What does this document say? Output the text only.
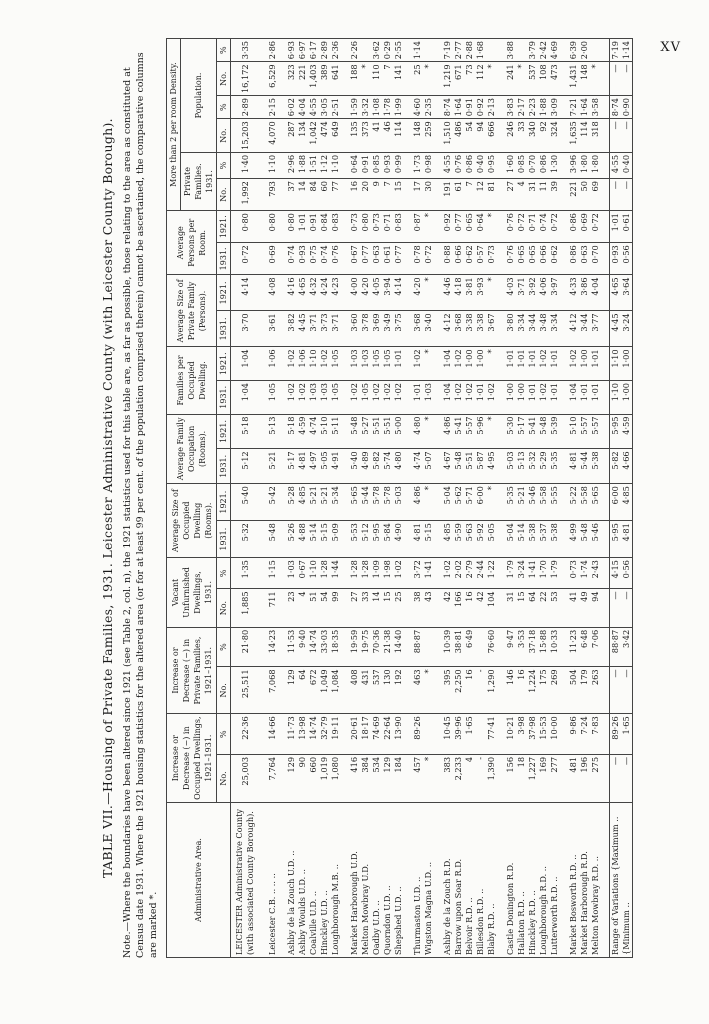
XV
TABLE VII.—Housing of Private Families, 1931. Leicester Administrative County (with Leicester County Borough). Note.—Where the boundaries have been altered since 1921 (see Table 2, col. n), the 1921 statistics used for this table are, as far as possible, those relating to the area as constituted at Census date 1931. Where the 1921 housing statistics for the altered area (or for at least 99 per cent. of the population comprised therein) cannot be ascertained, the comparative columns are marked *.
Administrative Area.	Increase or Decrease (−) in Occupied Dwellings, 1921–1931.		Increase or Decrease (−) in Private Families, 1921–1931.		Vacant Unfurnished Dwellings, 1931.		Average Size of Occupied Dwelling (Rooms).		Average Family Occupation (Rooms).		Families per Occupied Dwelling.		Average Size of Private Family (Persons).		Average Persons per Room.		More than 2 per room Density.					
																	Private Families. 1931.		Population.			
	No.	%	No.	%	No.	%	1931.	1921.	1931.	1921.	1931.	1921.	1931.	1921.	1931.	1921.	No.	%	No.	%	No.	%
LEICESTER Administrative County (with associated County Borough).	25,003	22·36	25,511	21·80	1,885	1·35	5·32	5·40	5·12	5·18	1·04	1·04	3·70	4·14	0·72	0·80	1,992	1·40	15,203	2·89	16,172	3·35

Leicester C.B. .. .. ..	7,764	14·66	7,068	14·23	711	1·15	5·48	5·42	5·21	5·13	1·05	1·06	3·61	4·08	0·69	0·80	793	1·10	4,070	2·15	6,529	2·86

Ashby de la Zouch U.D. ..	129	11·73	129	11·53	23	1·03	5·26	5·28	5·17	5·18	1·02	1·02	3·82	4·16	0·74	0·80	37	2·96	287	6·02	323	6·93
Ashby Woulds U.D. ..	90	13·98	64	9·40	4	0·67	4·88	4·85	4·81	4·59	1·02	1·06	4·45	4·65	0·93	1·01	14	1·88	134	4·04	221	6·97
Coalville U.D. ..	660	14·74	672	14·74	51	1·10	5·14	5·21	4·97	4·74	1·03	1·10	3·71	4·32	0·75	0·91	84	1·51	1,042	4·55	1,403	6·17
Hinckley U.D. ..	1,019	32·79	1,049	33·03	54	1·28	5·15	5·21	5·05	5·10	1·03	1·02	3·73	4·24	0·74	0·84	60	1·12	474	3·05	389	2·89
Loughborough M.B. ..	1,080	19·11	1,084	18·35	99	1·44	5·09	5·34	4·91	5·11	1·05	1·05	3·71	4·23	0·76	0·83	77	1·10	649	2·51	641	2·36

Market Harborough U.D.	416	20·61	408	19·59	27	1·28	5·53	5·65	5·40	5·48	1·02	1·03	3·60	4·00	0·67	0·73	16	0·64	135	1·59	188	2·26
Melton Mowbray U.D.	384	18·17	431	19·75	33	1·28	5·12	5·44	4·89	5·27	1·05	1·03	3·78	4·20	0·77	0·80	20	0·91	373	3·32	*	
Oadby U.D. ..	534	74·69	537	70·36	14	1·09	5·95	5·78	5·82	5·51	1·02	1·05	3·69	4·05	0·63	0·73	9	0·85	41	1·08	110	3·62
Quorndon U.D. ..	129	22·64	130	21·38	15	1·98	5·84	5·78	5·74	5·51	1·02	1·05	3·49	3·94	0·61	0·71	7	0·93	46	1·78	7	0·29
Shepshed U.D. ..	184	13·90	192	14·40	25	1·02	4·90	5·03	4·80	5·00	1·02	1·01	3·75	4·14	0·77	0·83	15	0·99	114	1·99	141	2·55

Thurmaston U.D. ..	457	89·26	463	88·87	38	3·72	4·81	4·86	4·74	4·80	1·01	1·02	3·68	4·20	0·78	0·87	17	1·73	148	4·60	25	1·14
Wigston Magna U.D. ..	*		*		43	1·41	5·15	*	5·07	*	1·03	*	3·40	*	0·72	*	30	0·98	259	2·35	*	

Ashby de la Zouch R.D.	383	10·45	395	10·39	42	1·02	4·85	5·04	4·67	4·86	1·04	1·04	4·12	4·46	0·88	0·92	191	4·55	1,510	8·74	1,219	7·19
Barrow upon Soar R.D.	2,233	39·96	2,250	38·81	166	2·02	5·59	5·62	5·48	5·41	1·02	1·02	3·68	4·18	0·66	0·77	61	0·76	486	1·64	671	2·77
Belvoir R.D. ..	4	1·65	16	6·49	16	2·79	5·63	5·71	5·51	5·57	1·02	1·00	3·38	3·81	0·62	0·65	7	0·86	54	0·91	73	2·88
Billesdon R.D. ..	-		-		42	2·44	5·92	6·00	5·87	5·96	1·01	1·00	3·38	3·93	0·57	0·64	12	0·40	94	0·92	112	1·68
Blaby R.D. ..	1,390	77·41	1,290	76·60	104	1·22	5·05	*	4·95	*	1·02	*	3·67	*	0·73	*	81	0·95	666	2·13	*	

Castle Donington R.D.	156	10·21	146	9·47	31	1·79	5·04	5·35	5·03	5·30	1·00	1·01	3·80	4·03	0·76	0·76	27	1·60	246	3·83	241	3·88
Hallaton R.D. ..	18	3·98	16	3·53	15	3·24	5·14	5·21	5·13	5·17	1·00	1·01	3·34	3·71	0·65	0·72	4	0·85	33	2·17	*	
Hinckley R.D. ..	1,227	37·98	1,224	37·18	64	1·41	5·38	5·46	5·32	5·41	1·01	1·01	3·44	3·92	0·65	0·71	31	0·70	340	2·23	537	3·79
Loughborough R.D. ..	169	15·53	175	15·88	22	1·70	5·37	5·58	5·29	5·48	1·02	1·02	3·48	4·06	0·66	0·74	11	0·86	92	1·88	108	2·42
Lutterworth R.D. ..	277	10·00	269	10·33	53	1·79	5·38	5·55	5·35	5·39	1·01	1·01	3·34	3·97	0·62	0·72	39	1·30	324	3·09	473	4·69

Market Bosworth R.D. ..	481	9·86	504	11·23	41	0·73	4·99	5·22	4·81	5·10	1·04	1·02	4·12	4·33	0·86	0·86	221	3·96	1,635	7·21	1,431	6·39
Market Harborough R.D.	196	7·24	179	6·48	49	1·74	5·48	5·58	5·44	5·57	1·01	1·00	3·44	3·86	0·63	0·69	50	1·80	114	1·64	148	2·00
Melton Mowbray R.D. ..	275	7·83	263	7·06	94	2·43	5·46	5·65	5·38	5·57	1·01	1·01	3·77	4·04	0·70	0·72	69	1·80	318	3·58	*	

Range of Variations {Maximum ..	—	89·26	—	88·87	—	4·15	5·95	6·00	5·82	5·95	1·10	1·10	4·45	4·65	0·93	1·01	—	4·55	—	8·74	—	7·19
{Minimum ..	—	1·65	—	3·42	—	0·56	4·81	4·85	4·66	4·59	1·00	1·00	3·24	3·64	0·56	0·61	—	0·40	—	0·90	—	1·14
